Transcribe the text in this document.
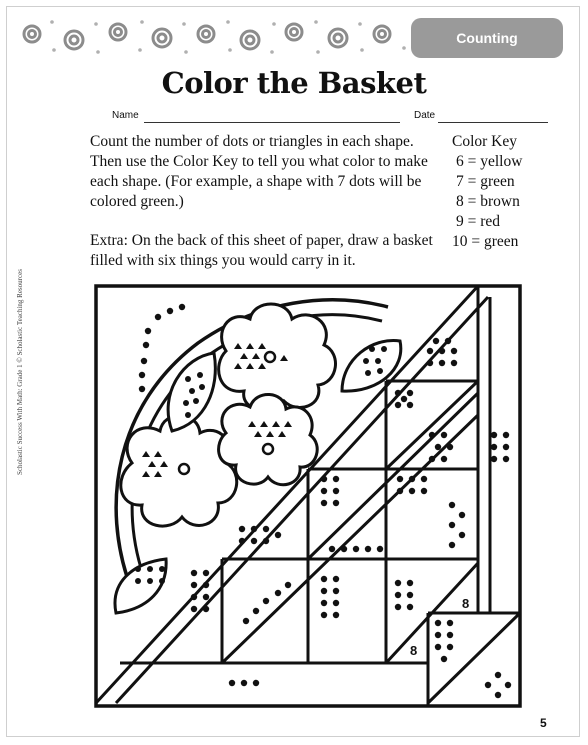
Counting
Color the Basket
Name	Date
Count the number of dots or triangles in each shape. Then use the Color Key to tell you what color to make each shape. (For example, a shape with 7 dots will be colored green.)
Extra: On the back of this sheet of paper, draw a basket filled with six things you would carry in it.
Color Key
6 = yellow
7 = green
8 = brown
9 = red
10 = green
Scholastic Success With Math: Grade 1 © Scholastic Teaching Resources
8
8
5
